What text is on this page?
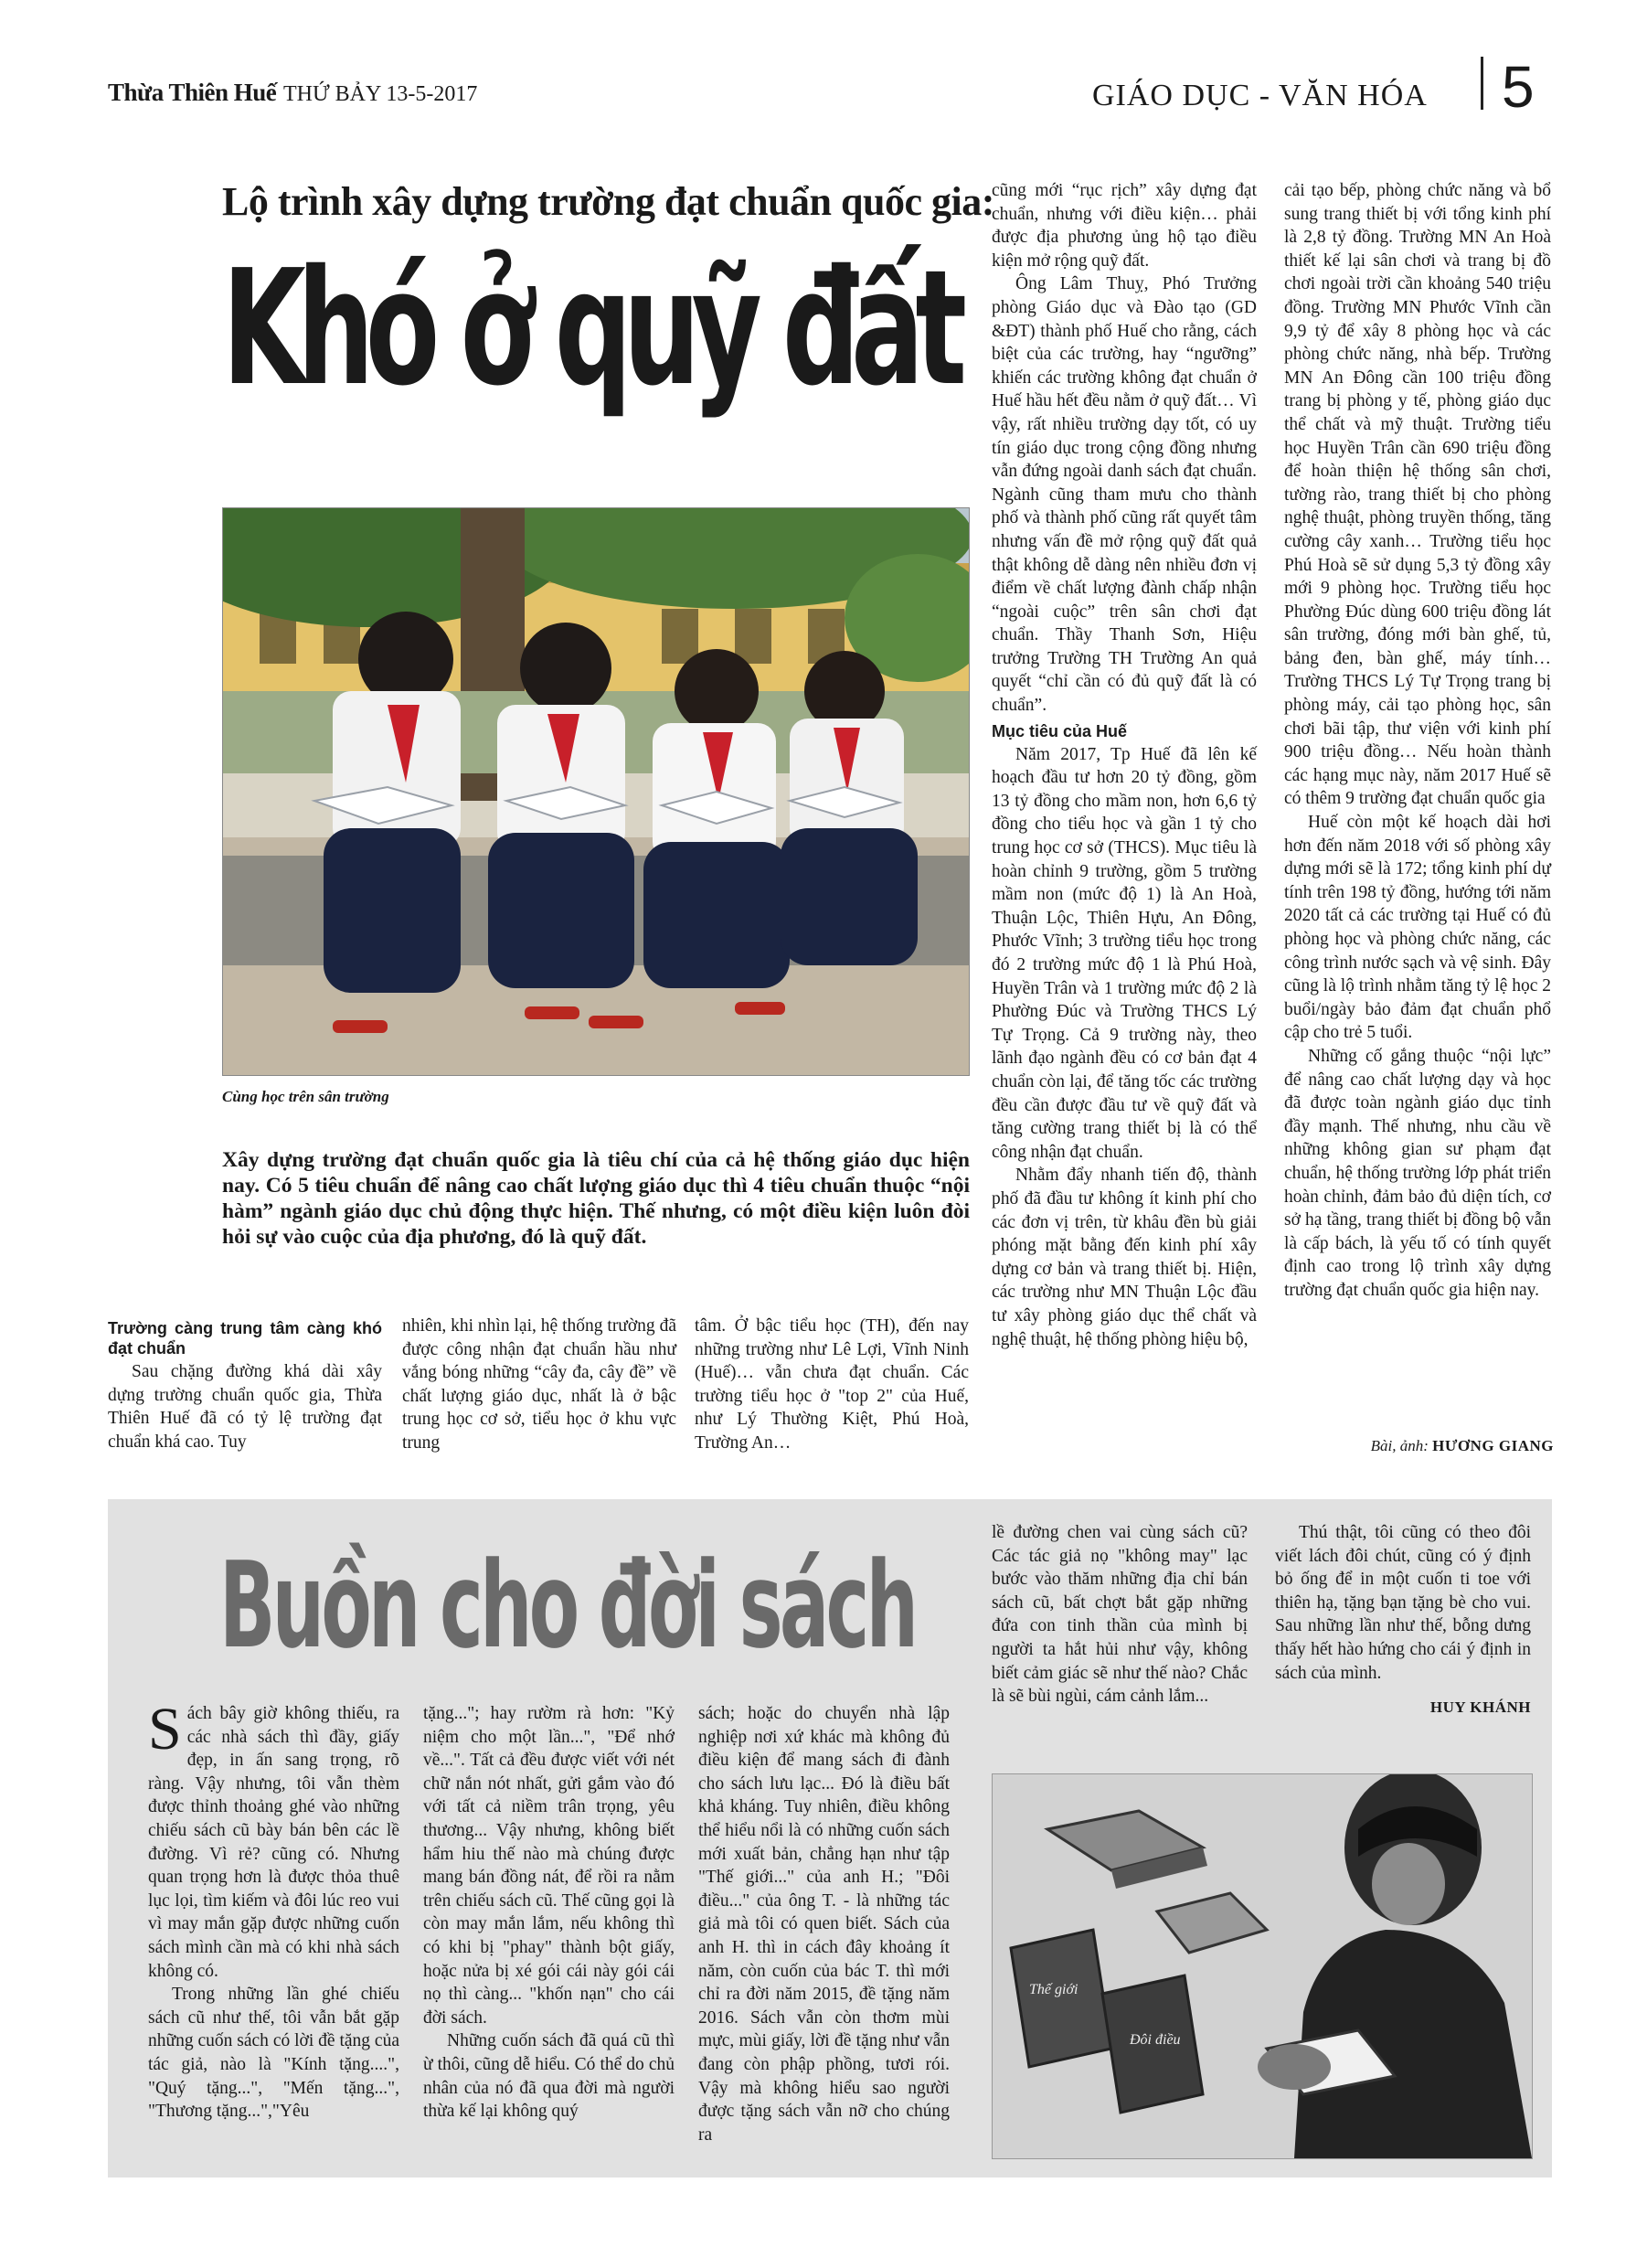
Thừa Thiên Huế THỨ BẢY 13-5-2017	GIÁO DỤC - VĂN HÓA 5
Lộ trình xây dựng trường đạt chuẩn quốc gia:
Khó ở quỹ đất
Cùng học trên sân trường
Xây dựng trường đạt chuẩn quốc gia là tiêu chí của cả hệ thống giáo dục hiện nay. Có 5 tiêu chuẩn để nâng cao chất lượng giáo dục thì 4 tiêu chuẩn thuộc “nội hàm” ngành giáo dục chủ động thực hiện. Thế nhưng, có một điều kiện luôn đòi hỏi sự vào cuộc của địa phương, đó là quỹ đất.
Trường càng trung tâm càng khó đạt chuẩn

Sau chặng đường khá dài xây dựng trường chuẩn quốc gia, Thừa Thiên Huế đã có tỷ lệ trường đạt chuẩn khá cao. Tuy

nhiên, khi nhìn lại, hệ thống trường đã được công nhận đạt chuẩn hầu như vắng bóng những “cây đa, cây đề” về chất lượng giáo dục, nhất là ở bậc trung học cơ sở, tiểu học ở khu vực trung

tâm. Ở bậc tiểu học (TH), đến nay những trường như Lê Lợi, Vĩnh Ninh (Huế)… vẫn chưa đạt chuẩn. Các trường tiểu học ở "top 2" của Huế, như Lý Thường Kiệt, Phú Hoà, Trường An…

cũng mới “rục rịch” xây dựng đạt chuẩn, nhưng với điều kiện… phải được địa phương ủng hộ tạo điều kiện mở rộng quỹ đất.

Ông Lâm Thuỵ, Phó Trưởng phòng Giáo dục và Đào tạo (GD &ĐT) thành phố Huế cho rằng, cách biệt của các trường, hay “ngưỡng” khiến các trường không đạt chuẩn ở Huế hầu hết đều nằm ở quỹ đất… Vì vậy, rất nhiều trường dạy tốt, có uy tín giáo dục trong cộng đồng nhưng vẫn đứng ngoài danh sách đạt chuẩn. Ngành cũng tham mưu cho thành phố và thành phố cũng rất quyết tâm nhưng vấn đề mở rộng quỹ đất quả thật không dễ dàng nên nhiều đơn vị điểm về chất lượng đành chấp nhận “ngoài cuộc” trên sân chơi đạt chuẩn. Thầy Thanh Sơn, Hiệu trưởng Trường TH Trường An quả quyết “chỉ cần có đủ quỹ đất là có chuẩn”.

Mục tiêu của Huế

Năm 2017, Tp Huế đã lên kế hoạch đầu tư hơn 20 tỷ đồng, gồm 13 tỷ đồng cho mầm non, hơn 6,6 tỷ đồng cho tiểu học và gần 1 tỷ cho trung học cơ sở (THCS). Mục tiêu là hoàn chỉnh 9 trường, gồm 5 trường mầm non (mức độ 1) là An Hoà, Thuận Lộc, Thiên Hựu, An Đông, Phước Vĩnh; 3 trường tiểu học trong đó 2 trường mức độ 1 là Phú Hoà, Huyền Trân và 1 trường mức độ 2 là Phường Đúc và Trường THCS Lý Tự Trọng. Cả 9 trường này, theo lãnh đạo ngành đều có cơ bản đạt 4 chuẩn còn lại, để tăng tốc các trường đều cần được đầu tư về quỹ đất và tăng cường trang thiết bị là có thể công nhận đạt chuẩn.

Nhằm đẩy nhanh tiến độ, thành phố đã đầu tư không ít kinh phí cho các đơn vị trên, từ khâu đền bù giải phóng mặt bằng đến kinh phí xây dựng cơ bản và trang thiết bị. Hiện, các trường như MN Thuận Lộc đầu tư xây phòng giáo dục thể chất và nghệ thuật, hệ thống phòng hiệu bộ,

cải tạo bếp, phòng chức năng và bổ sung trang thiết bị với tổng kinh phí là 2,8 tỷ đồng. Trường MN An Hoà thiết kế lại sân chơi và trang bị đồ chơi ngoài trời cần khoảng 540 triệu đồng. Trường MN Phước Vĩnh cần 9,9 tỷ để xây 8 phòng học và các phòng chức năng, nhà bếp. Trường MN An Đông cần 100 triệu đồng trang bị phòng y tế, phòng giáo dục thể chất và mỹ thuật. Trường tiểu học Huyền Trân cần 690 triệu đồng để hoàn thiện hệ thống sân chơi, tường rào, trang thiết bị cho phòng nghệ thuật, phòng truyền thống, tăng cường cây xanh… Trường tiểu học Phú Hoà sẽ sử dụng 5,3 tỷ đồng xây mới 9 phòng học. Trường tiểu học Phường Đúc dùng 600 triệu đồng lát sân trường, đóng mới bàn ghế, tủ, bảng đen, bàn ghế, máy tính… Trường THCS Lý Tự Trọng trang bị phòng máy, cải tạo phòng học, sân chơi bãi tập, thư viện với kinh phí 900 triệu đồng… Nếu hoàn thành các hạng mục này, năm 2017 Huế sẽ có thêm 9 trường đạt chuẩn quốc gia

Huế còn một kế hoạch dài hơi hơn đến năm 2018 với số phòng xây dựng mới sẽ là 172; tổng kinh phí dự tính trên 198 tỷ đồng, hướng tới năm 2020 tất cả các trường tại Huế có đủ phòng học và phòng chức năng, các công trình nước sạch và vệ sinh. Đây cũng là lộ trình nhằm tăng tỷ lệ học 2 buổi/ngày bảo đảm đạt chuẩn phổ cập cho trẻ 5 tuổi.

Những cố gắng thuộc “nội lực” để nâng cao chất lượng dạy và học đã được toàn ngành giáo dục tỉnh đầy mạnh. Thế nhưng, nhu cầu về những không gian sư phạm đạt chuẩn, hệ thống trường lớp phát triển hoàn chỉnh, đảm bảo đủ diện tích, cơ sở hạ tầng, trang thiết bị đồng bộ vẫn là cấp bách, là yếu tố có tính quyết định cao trong lộ trình xây dựng trường đạt chuẩn quốc gia hiện nay.

Bài, ảnh: HƯƠNG GIANG
Buồn cho đời sách
S ách bây giờ không thiếu, ra các nhà sách thì đầy, giấy đẹp, in ấn sang trọng, rõ ràng. Vậy nhưng, tôi vẫn thèm được thỉnh thoảng ghé vào những chiếu sách cũ bày bán bên các lề đường. Vì rẻ? cũng có. Nhưng quan trọng hơn là được thỏa thuê lục lọi, tìm kiếm và đôi lúc reo vui vì may mắn gặp được những cuốn sách mình cần mà có khi nhà sách không có.

Trong những lần ghé chiếu sách cũ như thế, tôi vẫn bắt gặp những cuốn sách có lời đề tặng của tác giả, nào là "Kính tặng....", "Quý tặng...", "Mến tặng...", "Thương tặng...","Yêu

tặng..."; hay rườm rà hơn: "Kỷ niệm cho một lần...", "Để nhớ về...". Tất cả đều được viết với nét chữ nắn nót nhất, gửi gắm vào đó với tất cả niềm trân trọng, yêu thương... Vậy nhưng, không biết hẩm hiu thế nào mà chúng được mang bán đồng nát, để rồi ra nằm trên chiếu sách cũ. Thế cũng gọi là còn may mắn lắm, nếu không thì có khi bị "phay" thành bột giấy, hoặc nửa bị xé gói cái này gói cái nọ thì càng... "khốn nạn" cho cái đời sách.

Những cuốn sách đã quá cũ thì ừ thôi, cũng dễ hiểu. Có thể do chủ nhân của nó đã qua đời mà người thừa kế lại không quý

sách; hoặc do chuyển nhà lập nghiệp nơi xứ khác mà không đủ điều kiện để mang sách đi đành cho sách lưu lạc... Đó là điều bất khả kháng. Tuy nhiên, điều không thể hiểu nổi là có những cuốn sách mới xuất bản, chẳng hạn như tập "Thế giới..." của anh H.; "Đôi điều..." của ông T. - là những tác giả mà tôi có quen biết. Sách của anh H. thì in cách đây khoảng ít năm, còn cuốn của bác T. thì mới chỉ ra đời năm 2015, đề tặng năm 2016. Sách vẫn còn thơm mùi mực, mùi giấy, lời đề tặng như vẫn đang còn phập phồng, tươi rói. Vậy mà không hiểu sao người được tặng sách vẫn nỡ cho chúng ra

lề đường chen vai cùng sách cũ? Các tác giả nọ "không may" lạc bước vào thăm những địa chỉ bán sách cũ, bất chợt bắt gặp những đứa con tinh thần của mình bị người ta hắt hủi như vậy, không biết cảm giác sẽ như thế nào? Chắc là sẽ bùi ngùi, cám cảnh lắm...

Thú thật, tôi cũng có theo đôi viết lách đôi chút, cũng có ý định bỏ ống để in một cuốn ti toe với thiên hạ, tặng bạn tặng bè cho vui. Sau những lần như thế, bỗng dưng thấy hết hào hứng cho cái ý định in sách của mình.

HUY KHÁNH
Thế giới
Đôi điều
